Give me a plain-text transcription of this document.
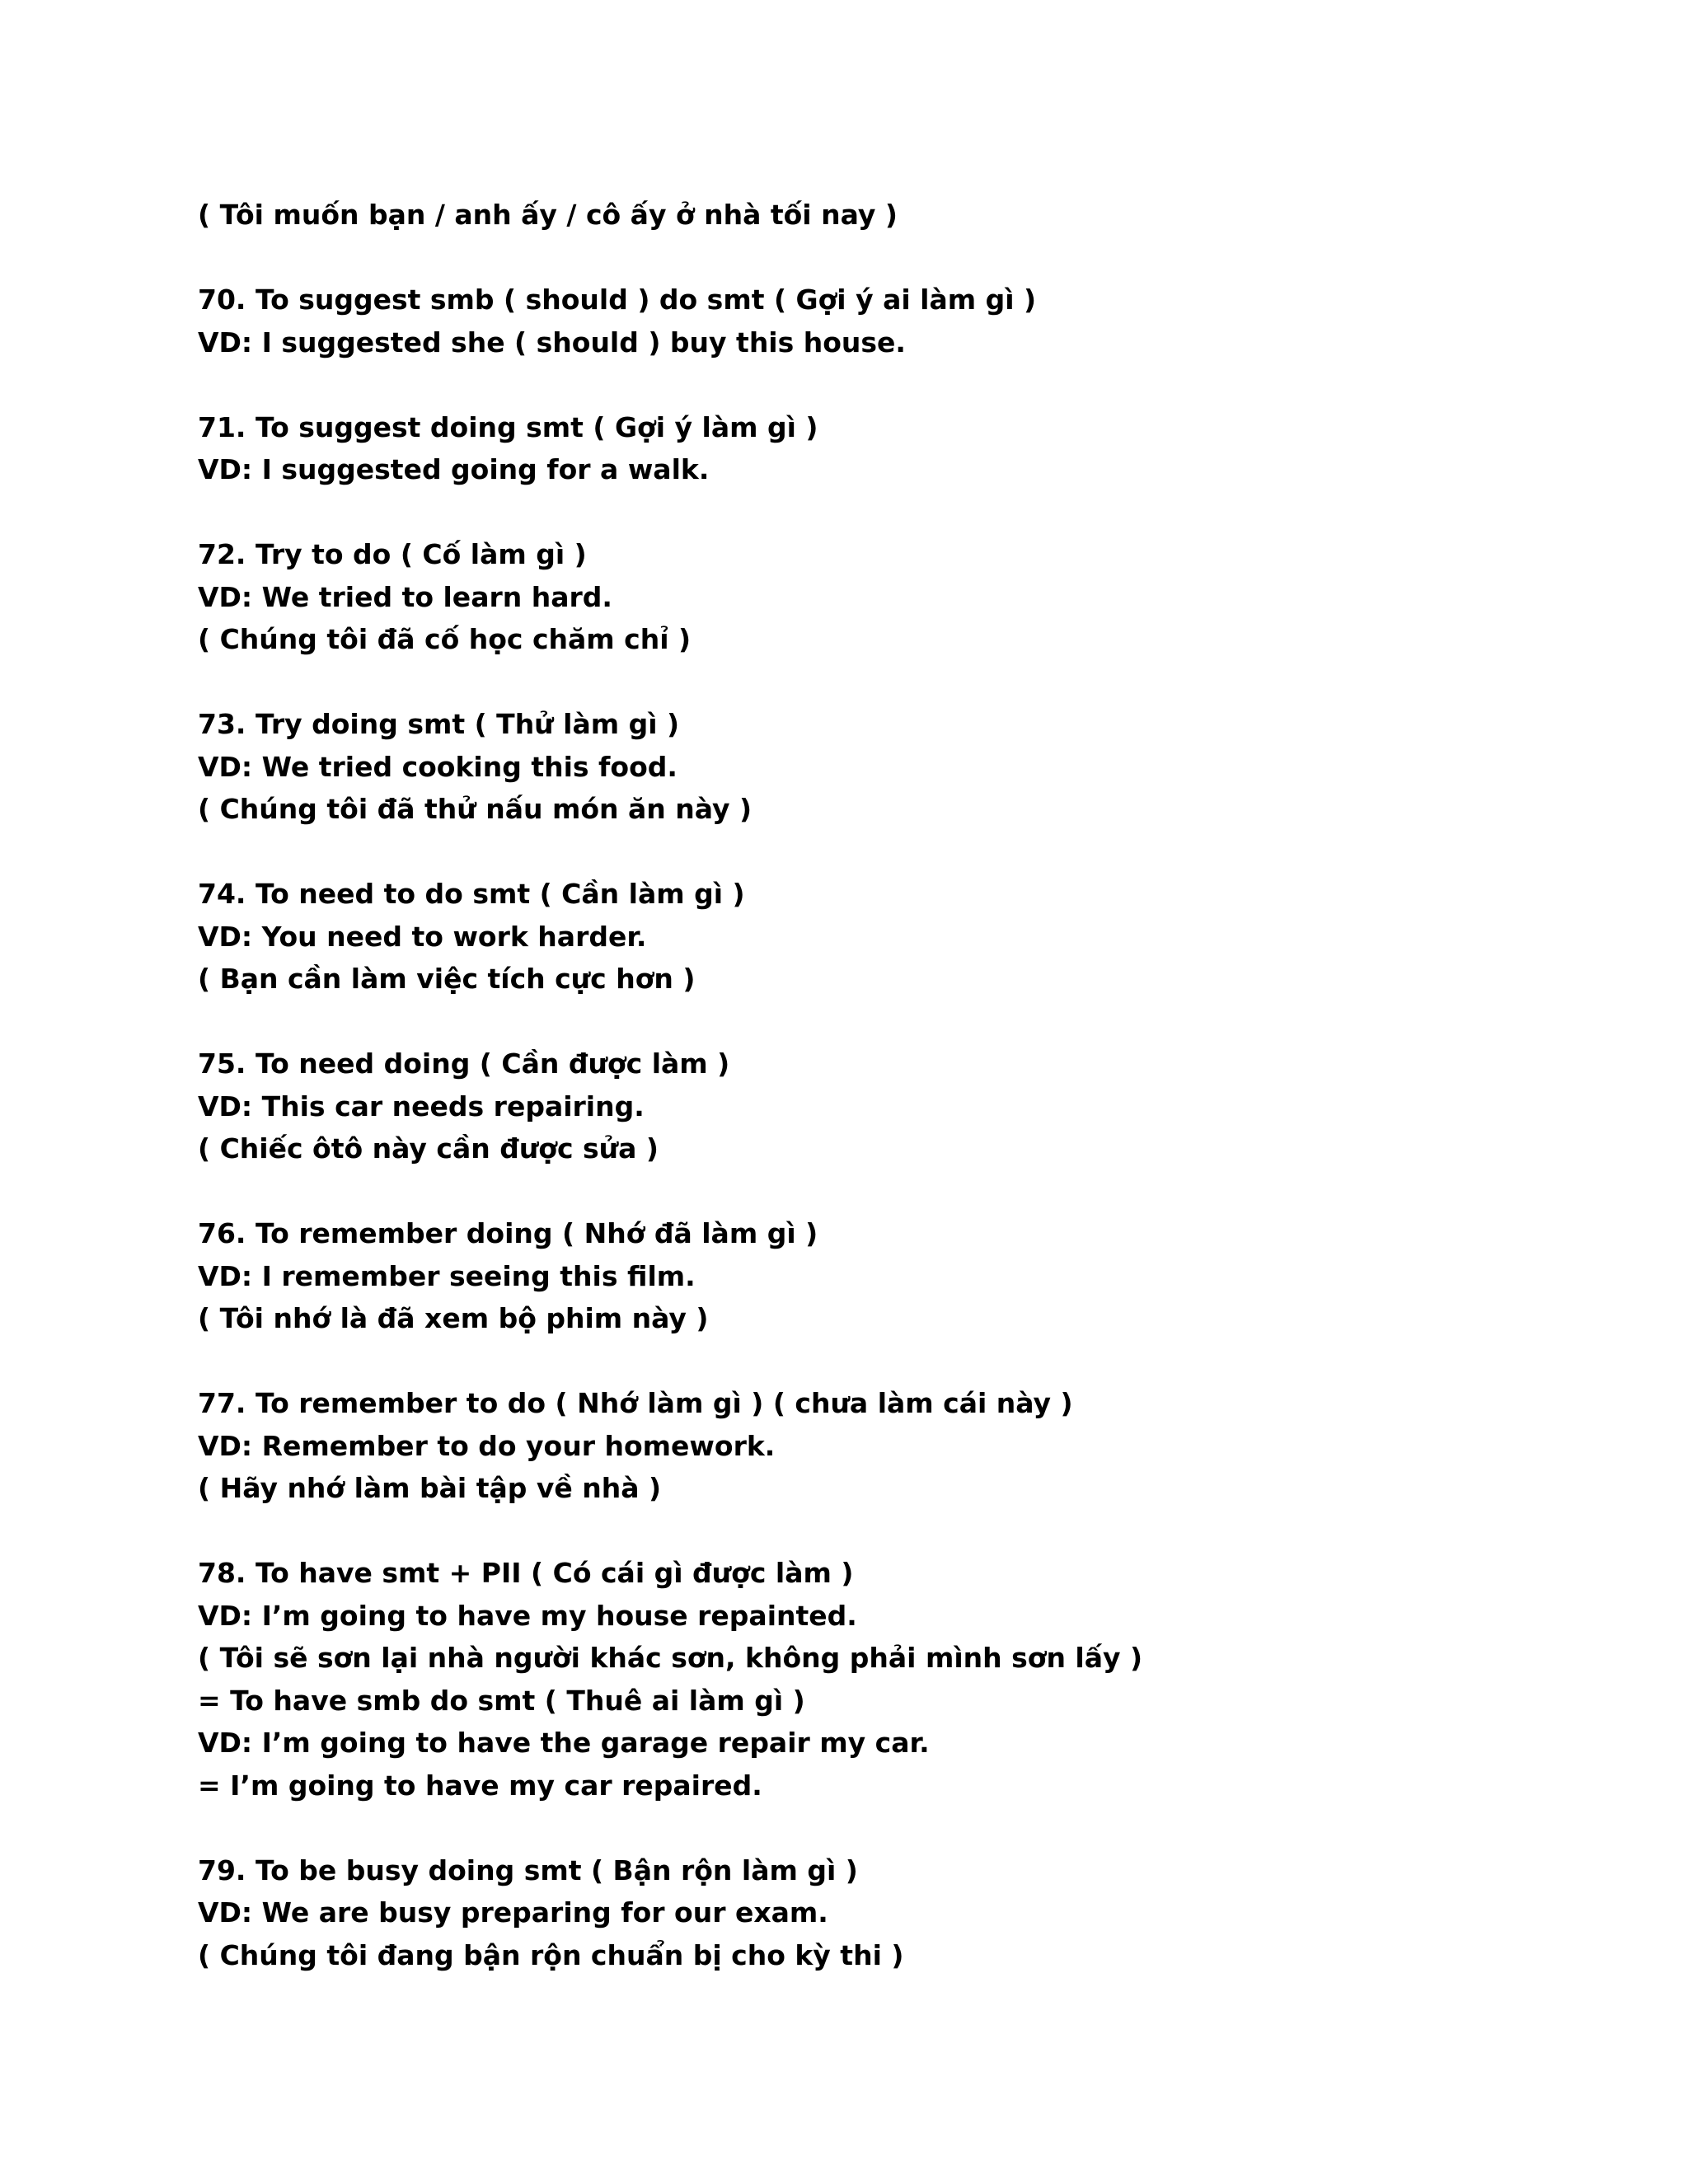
( Tôi muốn bạn / anh ấy / cô ấy ở nhà tối nay )
70. To suggest smb ( should ) do smt ( Gợi ý ai làm gì )
VD: I suggested she ( should ) buy this house.
71. To suggest doing smt ( Gợi ý làm gì )
VD: I suggested going for a walk.
72. Try to do ( Cố làm gì )
VD: We tried to learn hard.
( Chúng tôi đã cố học chăm chỉ )
73. Try doing smt ( Thử làm gì )
VD: We tried cooking this food.
( Chúng tôi đã thử nấu món ăn này )
74. To need to do smt ( Cần làm gì )
VD: You need to work harder.
( Bạn cần làm việc tích cực hơn )
75. To need doing ( Cần được làm )
VD: This car needs repairing.
( Chiếc ôtô này cần được sửa )
76. To remember doing ( Nhớ đã làm gì )
VD: I remember seeing this film.
( Tôi nhớ là đã xem bộ phim này )
77. To remember to do ( Nhớ làm gì ) ( chưa làm cái này )
VD: Remember to do your homework.
( Hãy nhớ làm bài tập về nhà )
78. To have smt + PII ( Có cái gì được làm )
VD: I’m going to have my house repainted.
( Tôi sẽ sơn lại nhà người khác sơn, không phải mình sơn lấy )
= To have smb do smt ( Thuê ai làm gì )
VD: I’m going to have the garage repair my car.
= I’m going to have my car repaired.
79. To be busy doing smt ( Bận rộn làm gì )
VD: We are busy preparing for our exam.
( Chúng tôi đang bận rộn chuẩn bị cho kỳ thi )
